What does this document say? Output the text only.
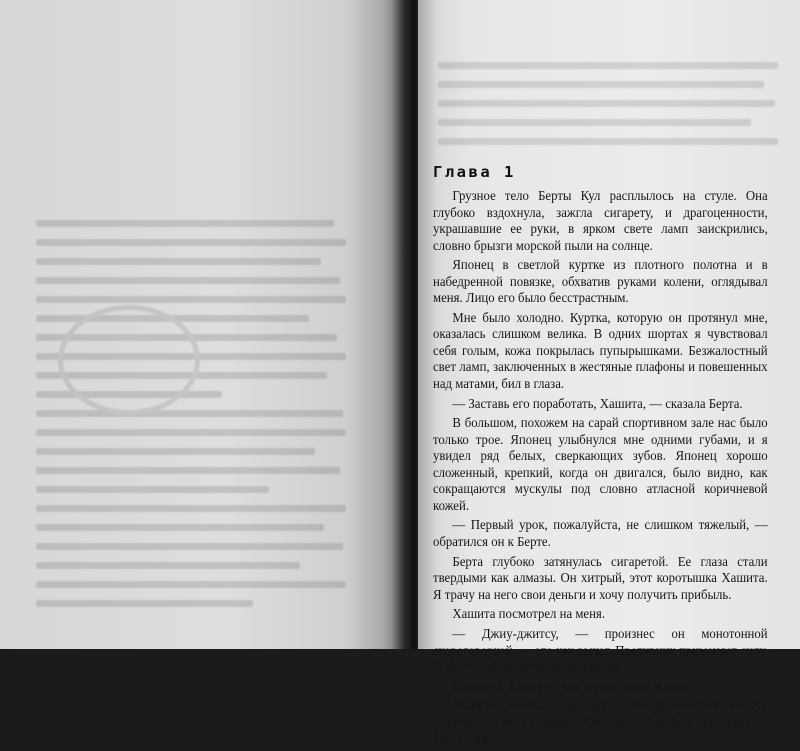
Глава 1

Грузное тело Берты Кул расплылось на стуле. Она глубоко вздохнула, зажгла сигарету, и драгоценности, украшавшие ее руки, в ярком свете ламп заискрились, словно брызги морской пыли на солнце.

Японец в светлой куртке из плотного полотна и в набедренной повязке, обхватив руками колени, оглядывал меня. Лицо его было бесстрастным.

Мне было холодно. Куртка, которую он протянул мне, оказалась слишком велика. В одних шортах я чувствовал себя голым, кожа покрылась пупырышками. Безжалостный свет ламп, заключенных в жестяные плафоны и повешенных над матами, бил в глаза.

— Заставь его поработать, Хашита, — сказала Берта.

В большом, похожем на сарай спортивном зале нас было только трое. Японец улыбнулся мне одними губами, и я увидел ряд белых, сверкающих зубов. Японец хорошо сложенный, крепкий, когда он двигался, было видно, как сокращаются мускулы под словно атласной коричневой кожей.

— Первый урок, пожалуйста, не слишком тяжелый, — обратился он к Берте.

Берта глубоко затянулась сигаретой. Ее глаза стали твердыми как алмазы. Он хитрый, этот коротышка Хашита. Я трачу на него свои деньги и хочу получить прибыль.

Хашита посмотрел на меня.

— Джиу-джитсу, — произнес он монотонной скороговоркой, — это как рычаг. Противник применяет силу. А вы только меняете направление.

Я кивнул. Кивок — вот чего от меня ждали.

Хашита достал револьвер. Никелированный корпус потускнел, ствол заржавел. Он открыл барабан: револьвер не был заряжен.
